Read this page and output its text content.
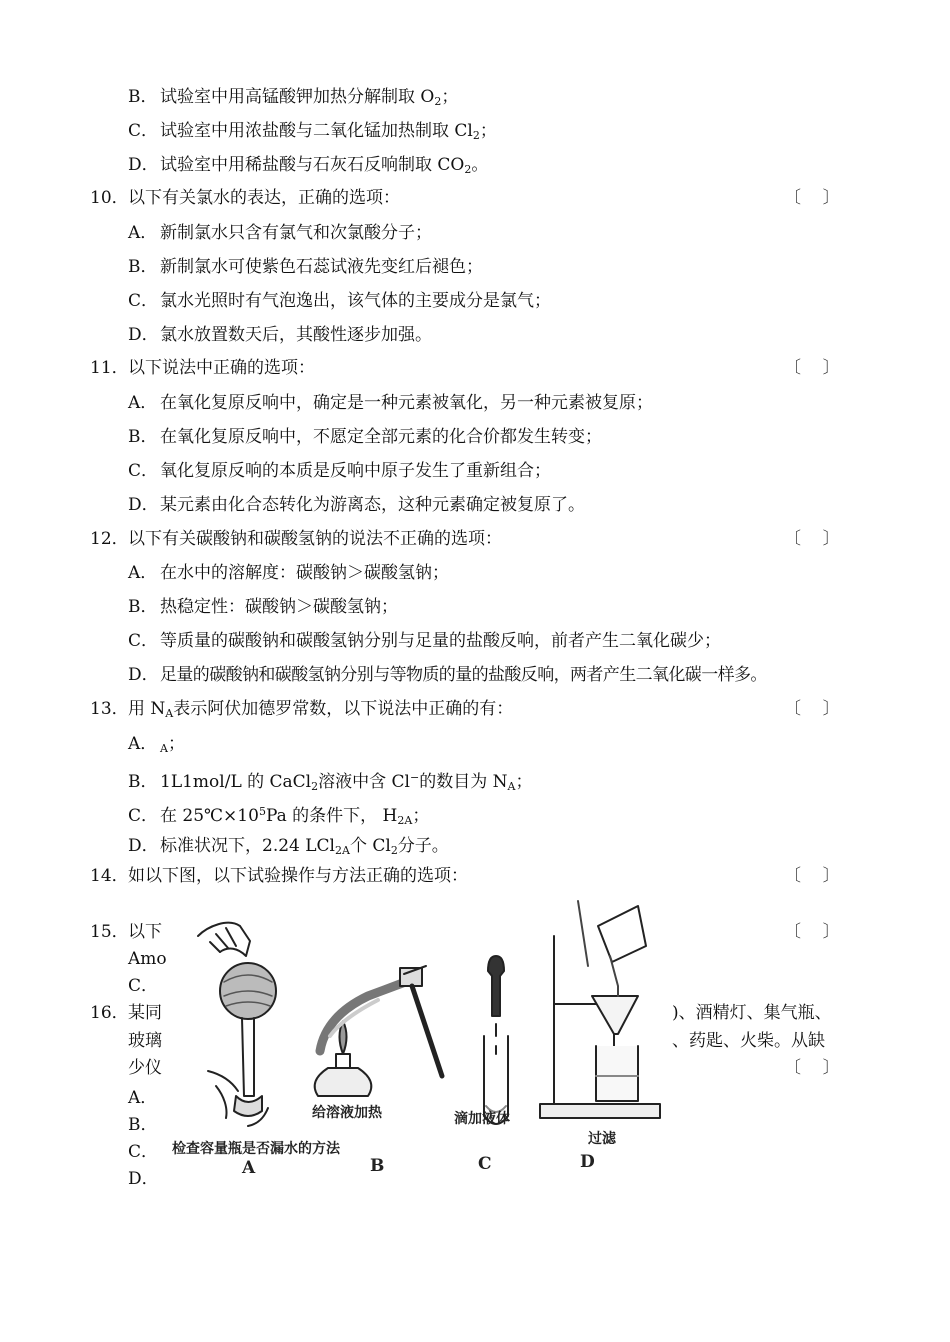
B． 试验室中用高锰酸钾加热分解制取 $O_2$；
C． 试验室中用浓盐酸与二氧化锰加热制取 $Cl_2$；
D．试验室中用稀盐酸与石灰石反响制取 $CO_2$。
10．以下有关氯水的表达，正确的选项：	〔    〕
A． 新制氯水只含有氯气和次氯酸分子；
B． 新制氯水可使紫色石蕊试液先变红后褪色；
C． 氯水光照时有气泡逸出，该气体的主要成分是氯气；
D．氯水放置数天后，其酸性逐步加强。
11．以下说法中正确的选项：	〔    〕
A． 在氧化复原反响中，确定是一种元素被氧化，另一种元素被复原；
B． 在氧化复原反响中，不愿定全部元素的化合价都发生转变；
C． 氧化复原反响的本质是反响中原子发生了重新组合；
D．某元素由化合态转化为游离态，这种元素确定被复原了。
12．以下有关碳酸钠和碳酸氢钠的说法不正确的选项：	〔    〕
A． 在水中的溶解度：碳酸钠＞碳酸氢钠；
B． 热稳定性：碳酸钠＞碳酸氢钠；
C． 等质量的碳酸钠和碳酸氢钠分别与足量的盐酸反响，前者产生二氧化碳少；
D．足量的碳酸钠和碳酸氢钠分别与等物质的量的盐酸反响，两者产生二氧化碳一样多。
13．用 $N_A$表示阿伏加德罗常数，以下说法中正确的有：	〔    〕
A． $_A$；
B． 1L1mol/L 的 CaCl$_2$溶液中含 Cl−的数目为 $N_A$；
C． 在 $25℃\times 10^5Pa$ 的条件下， $H_{2A}$；
D．标准状况下，2.24 LCl$_{2A}$个 $Cl_2$分子。
14．如以下图，以下试验操作与方法正确的选项：	〔    〕
15．以下	〔    〕
Amo
C．
16．某同	)、酒精灯、集气瓶、
玻璃	、药匙、火柴。从缺
少仪	〔    〕
A．
B．
C．
D．
给溶液加热	滴加液体
过滤
检查容量瓶是否漏水的方法
A	B	C	D
